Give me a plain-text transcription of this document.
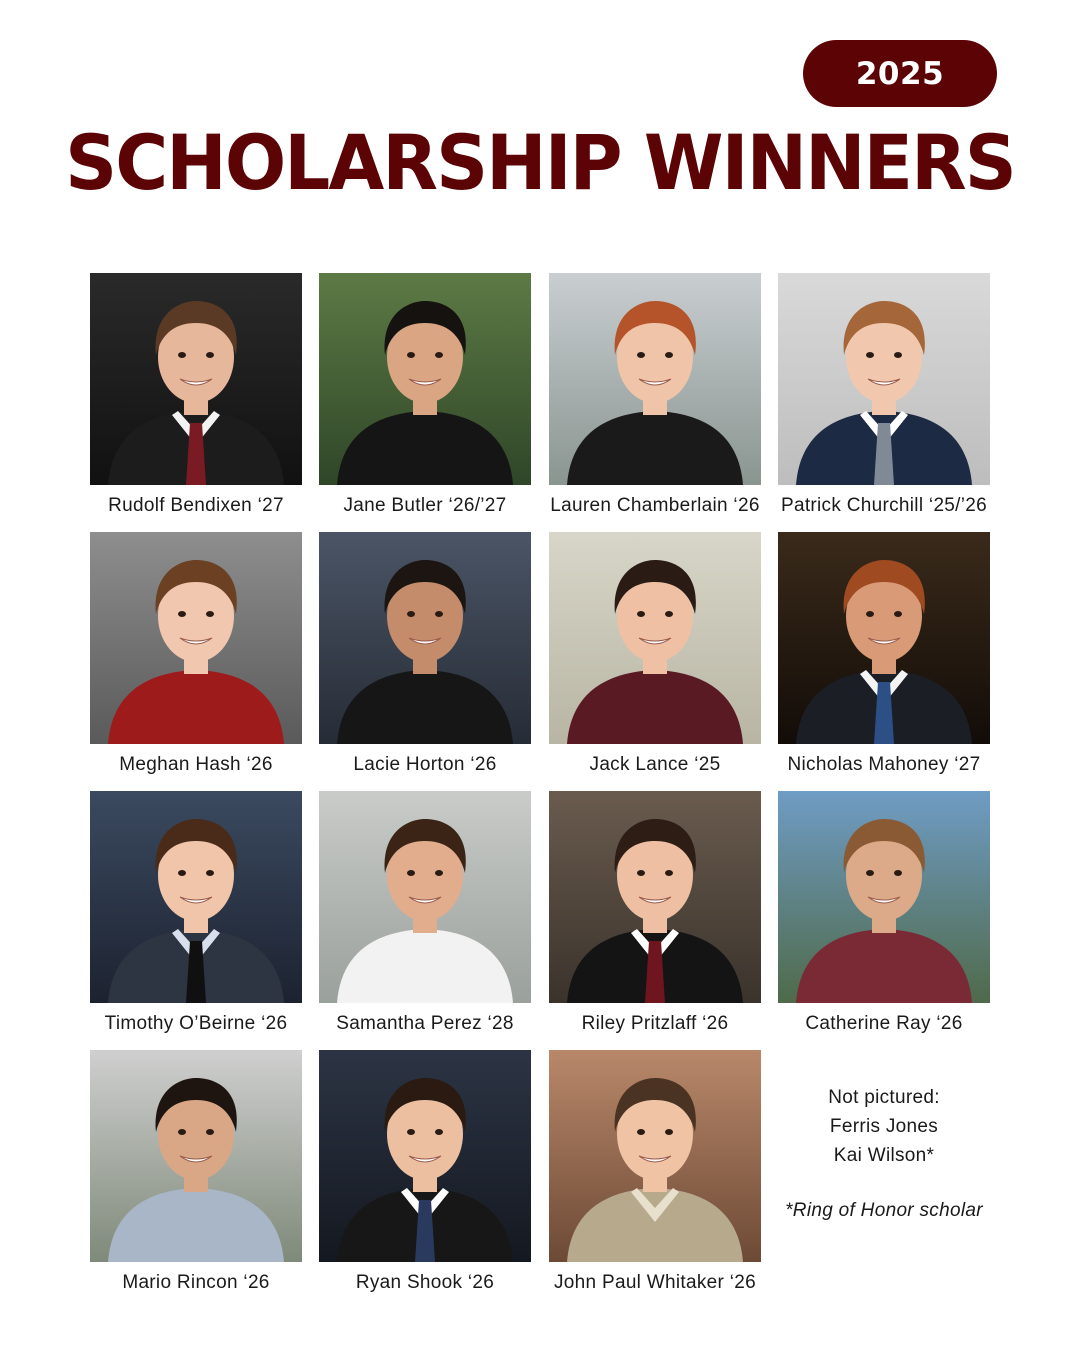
2025
SCHOLARSHIP WINNERS
Rudolf Bendixen ‘27	Jane Butler ‘26/’27	Lauren Chamberlain ‘26	Patrick Churchill ‘25/’26
Meghan Hash ‘26	Lacie Horton ‘26	Jack Lance ‘25	Nicholas Mahoney ‘27
Timothy O’Beirne ‘26	Samantha Perez ‘28	Riley Pritzlaff ‘26	Catherine Ray ‘26
Mario Rincon ‘26	Ryan Shook ‘26	John Paul Whitaker ‘26
Not pictured:
Ferris Jones
Kai Wilson*
*Ring of Honor scholar
